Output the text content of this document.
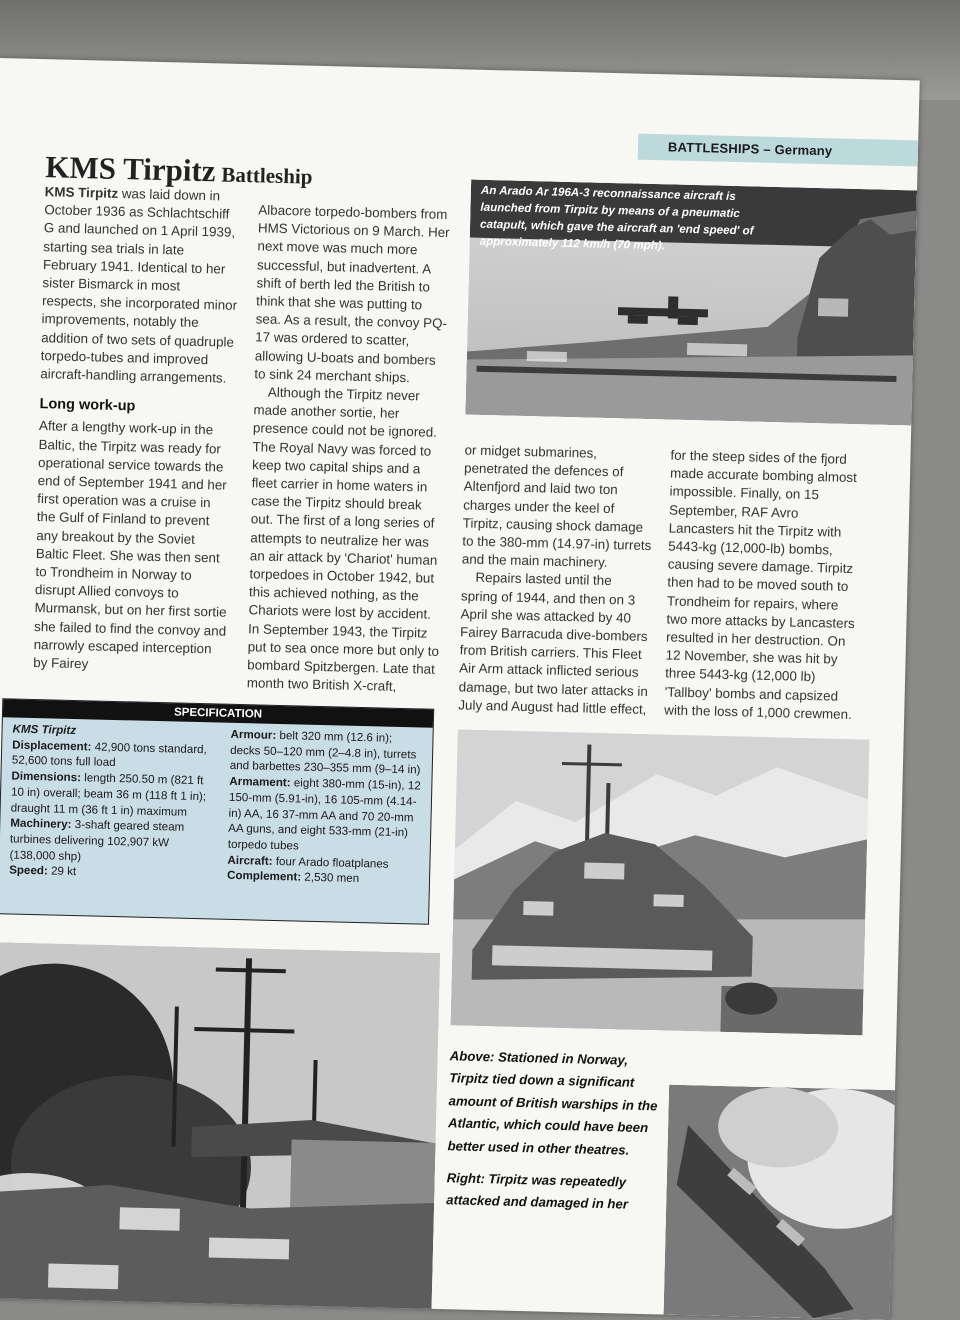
BATTLESHIPS – Germany
KMS Tirpitz Battleship

KMS Tirpitz was laid down in October 1936 as Schlachtschiff G and launched on 1 April 1939, starting sea trials in late February 1941. Identical to her sister Bismarck in most respects, she incorporated minor improvements, notably the addition of two sets of quadruple torpedo-tubes and improved aircraft-handling arrangements.

Long work-up

After a lengthy work-up in the Baltic, the Tirpitz was ready for operational service towards the end of September 1941 and her first operation was a cruise in the Gulf of Finland to prevent any breakout by the Soviet Baltic Fleet. She was then sent to Trondheim in Norway to disrupt Allied convoys to Murmansk, but on her first sortie she failed to find the convoy and narrowly escaped interception by Fairey

Albacore torpedo-bombers from HMS Victorious on 9 March. Her next move was much more successful, but inadvertent. A shift of berth led the British to think that she was putting to sea. As a result, the convoy PQ-17 was ordered to scatter, allowing U-boats and bombers to sink 24 merchant ships.

Although the Tirpitz never made another sortie, her presence could not be ignored. The Royal Navy was forced to keep two capital ships and a fleet carrier in home waters in case the Tirpitz should break out. The first of a long series of attempts to neutralize her was an air attack by 'Chariot' human torpedoes in October 1942, but this achieved nothing, as the Chariots were lost by accident. In September 1943, the Tirpitz put to sea once more but only to bombard Spitzbergen. Late that month two British X-craft,

An Arado Ar 196A-3 reconnaissance aircraft is launched from Tirpitz by means of a pneumatic catapult, which gave the aircraft an 'end speed' of approximately 112 km/h (70 mph).

or midget submarines, penetrated the defences of Altenfjord and laid two ton charges under the keel of Tirpitz, causing shock damage to the 380-mm (14.97-in) turrets and the main machinery.

Repairs lasted until the spring of 1944, and then on 3 April she was attacked by 40 Fairey Barracuda dive-bombers from British carriers. This Fleet Air Arm attack inflicted serious damage, but two later attacks in July and August had little effect,

for the steep sides of the fjord made accurate bombing almost impossible. Finally, on 15 September, RAF Avro Lancasters hit the Tirpitz with 5443-kg (12,000-lb) bombs, causing severe damage. Tirpitz then had to be moved south to Trondheim for repairs, where two more attacks by Lancasters resulted in her destruction. On 12 November, she was hit by three 5443-kg (12,000 lb) 'Tallboy' bombs and capsized with the loss of 1,000 crewmen.

SPECIFICATION

KMS Tirpitz

Displacement: 42,900 tons standard, 52,600 tons full load

Dimensions: length 250.50 m (821 ft 10 in) overall; beam 36 m (118 ft 1 in); draught 11 m (36 ft 1 in) maximum

Machinery: 3-shaft geared steam turbines delivering 102,907 kW (138,000 shp)

Speed: 29 kt

Armour: belt 320 mm (12.6 in); decks 50–120 mm (2–4.8 in), turrets and barbettes 230–355 mm (9–14 in)

Armament: eight 380-mm (15-in), 12 150-mm (5.91-in), 16 105-mm (4.14-in) AA, 16 37-mm AA and 70 20-mm AA guns, and eight 533-mm (21-in) torpedo tubes

Aircraft: four Arado floatplanes

Complement: 2,530 men

Above: Stationed in Norway, Tirpitz tied down a significant amount of British warships in the Atlantic, which could have been better used in other theatres.

Right: Tirpitz was repeatedly attacked and damaged in her
